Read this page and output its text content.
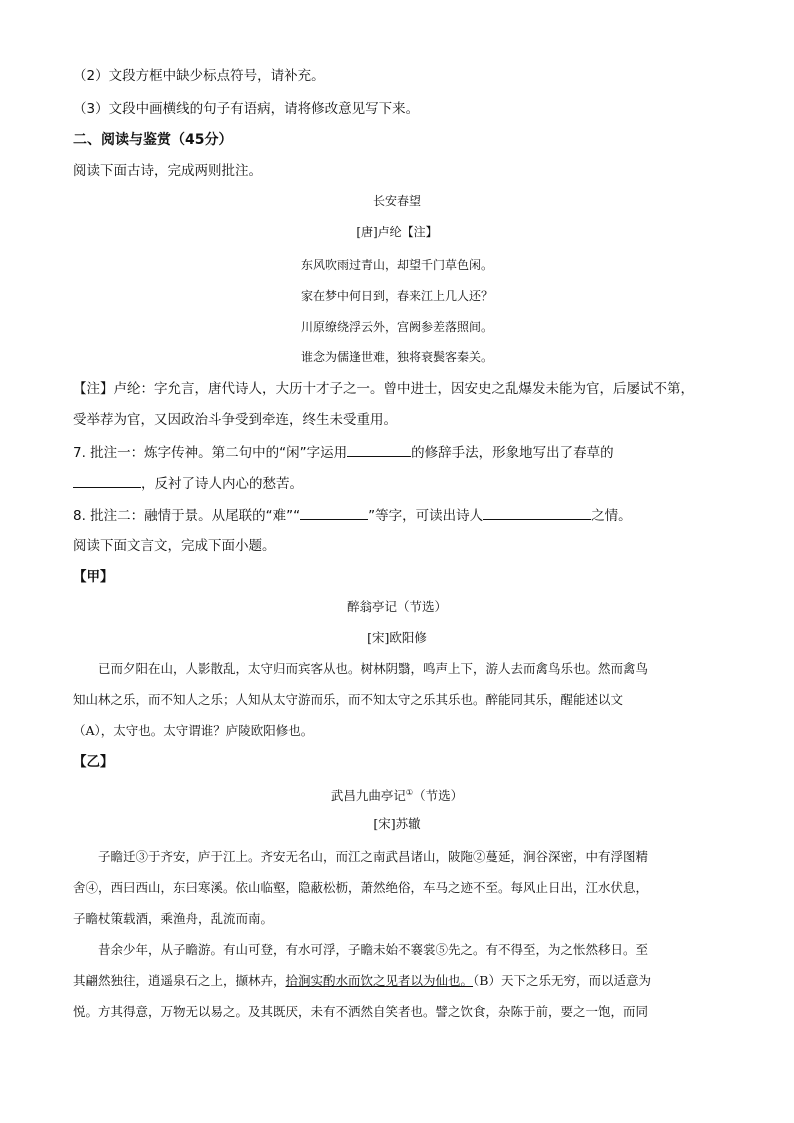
（2）文段方框中缺少标点符号，请补充。
（3）文段中画横线的句子有语病，请将修改意见写下来。
二、阅读与鉴赏（45分）
阅读下面古诗，完成两则批注。
长安春望
[唐]卢纶【注】
东风吹雨过青山，却望千门草色闲。
家在梦中何日到，春来江上几人还？
川原缭绕浮云外，宫阙参差落照间。
谁念为儒逢世难，独将衰鬓客秦关。
【注】卢纶：字允言，唐代诗人，大历十才子之一。曾中进士，因安史之乱爆发未能为官，后屡试不第，
受举荐为官，又因政治斗争受到牵连，终生未受重用。
7. 批注一：炼字传神。第二句中的“闲”字运用	的修辞手法，形象地写出了春草的
，反衬了诗人内心的愁苦。
8. 批注二：融情于景。从尾联的“难”“	”等字，可读出诗人	之情。
阅读下面文言文，完成下面小题。
【甲】
醉翁亭记（节选）
[宋]欧阳修
已而夕阳在山，人影散乱，太守归而宾客从也。树林阴翳，鸣声上下，游人去而禽鸟乐也。然而禽鸟
知山林之乐，而不知人之乐；人知从太守游而乐，而不知太守之乐其乐也。醉能同其乐，醒能述以文
（A），太守也。太守谓谁？庐陵欧阳修也。
【乙】
武昌九曲亭记①（节选）
[宋]苏辙
子瞻迁③于齐安，庐于江上。齐安无名山，而江之南武昌诸山，陂陁②蔓延，涧谷深密，中有浮图精
舍④，西曰西山，东曰寒溪。依山临壑，隐蔽松枥，萧然绝俗，车马之迹不至。每风止日出，江水伏息，
子瞻杖策载酒，乘渔舟，乱流而南。
昔余少年，从子瞻游。有山可登，有水可浮，子瞻未始不褰裳⑤先之。有不得至，为之怅然移日。至
其翩然独往，逍遥泉石之上，撷林卉，拾涧实酌水而饮之见者以为仙也。（B）天下之乐无穷，而以适意为
悦。方其得意，万物无以易之。及其既厌，未有不洒然自笑者也。譬之饮食，杂陈于前，要之一饱，而同
